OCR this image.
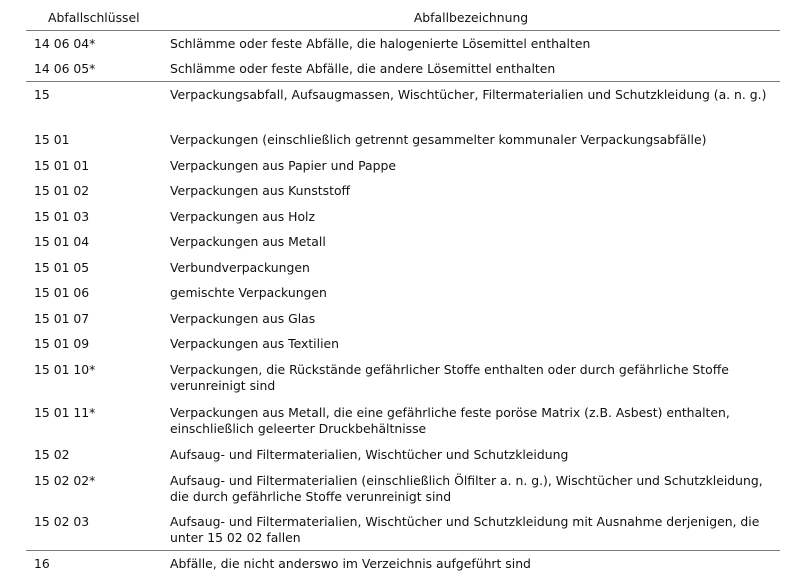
Abfallschlüssel	Abfallbezeichnung
14 06 04*	Schlämme oder feste Abfälle, die halogenierte Lösemittel enthalten
14 06 05*	Schlämme oder feste Abfälle, die andere Lösemittel enthalten
15	Verpackungsabfall, Aufsaugmassen, Wischtücher, Filtermaterialien und Schutzkleidung (a. n. g.)
15 01	Verpackungen (einschließlich getrennt gesammelter kommunaler Verpackungsabfälle)
15 01 01	Verpackungen aus Papier und Pappe
15 01 02	Verpackungen aus Kunststoff
15 01 03	Verpackungen aus Holz
15 01 04	Verpackungen aus Metall
15 01 05	Verbundverpackungen
15 01 06	gemischte Verpackungen
15 01 07	Verpackungen aus Glas
15 01 09	Verpackungen aus Textilien
15 01 10*	Verpackungen, die Rückstände gefährlicher Stoffe enthalten oder durch gefährliche Stoffe verunreinigt sind
15 01 11*	Verpackungen aus Metall, die eine gefährliche feste poröse Matrix (z.B. Asbest) enthalten, einschließlich geleerter Druckbehältnisse
15 02	Aufsaug- und Filtermaterialien, Wischtücher und Schutzkleidung
15 02 02*	Aufsaug- und Filtermaterialien (einschließlich Ölfilter a. n. g.), Wischtücher und Schutzkleidung, die durch gefährliche Stoffe verunreinigt sind
15 02 03	Aufsaug- und Filtermaterialien, Wischtücher und Schutzkleidung mit Ausnahme derjenigen, die unter 15 02 02 fallen
16	Abfälle, die nicht anderswo im Verzeichnis aufgeführt sind
